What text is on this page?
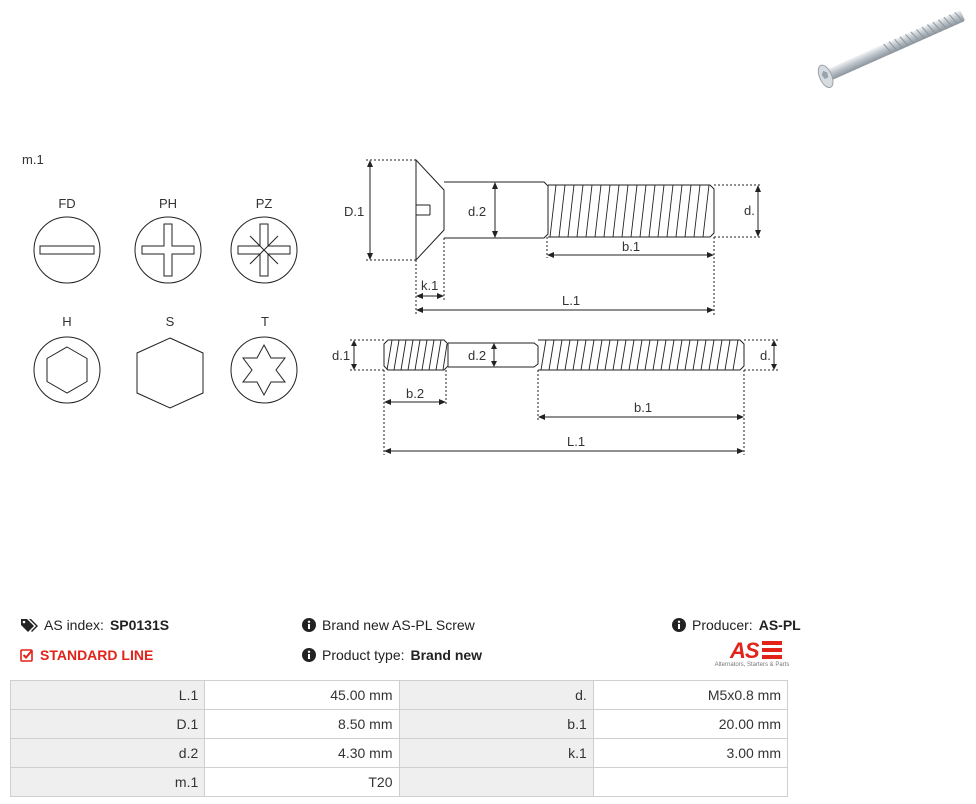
m.1
FD	PH	PZ
H	S	T
D.1	d.2	d.
b.1
k.1
L.1
d.1	d.2	d.
b.2
b.1
L.1
AS index: SP0131S	Brand new AS-PL Screw	Producer: AS-PL
STANDARD LINE	Product type: Brand new	AS
Alternators, Starters & Parts
L.1	45.00 mm	d.	M5x0.8 mm
D.1	8.50 mm	b.1	20.00 mm
d.2	4.30 mm	k.1	3.00 mm
m.1	T20		
